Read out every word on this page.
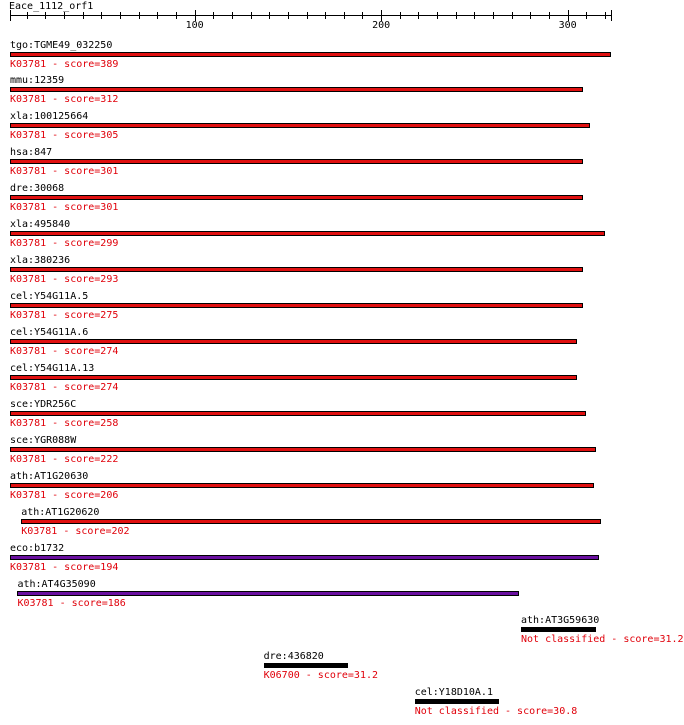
Eace_1112_orf1
100	200	300
tgo:TGME49_032250
K03781 - score=389
mmu:12359
K03781 - score=312
xla:100125664
K03781 - score=305
hsa:847
K03781 - score=301
dre:30068
K03781 - score=301
xla:495840
K03781 - score=299
xla:380236
K03781 - score=293
cel:Y54G11A.5
K03781 - score=275
cel:Y54G11A.6
K03781 - score=274
cel:Y54G11A.13
K03781 - score=274
sce:YDR256C
K03781 - score=258
sce:YGR088W
K03781 - score=222
ath:AT1G20630
K03781 - score=206
ath:AT1G20620
K03781 - score=202
eco:b1732
K03781 - score=194
ath:AT4G35090
K03781 - score=186
ath:AT3G59630
Not classified - score=31.2
dre:436820
K06700 - score=31.2
cel:Y18D10A.1
Not classified - score=30.8
